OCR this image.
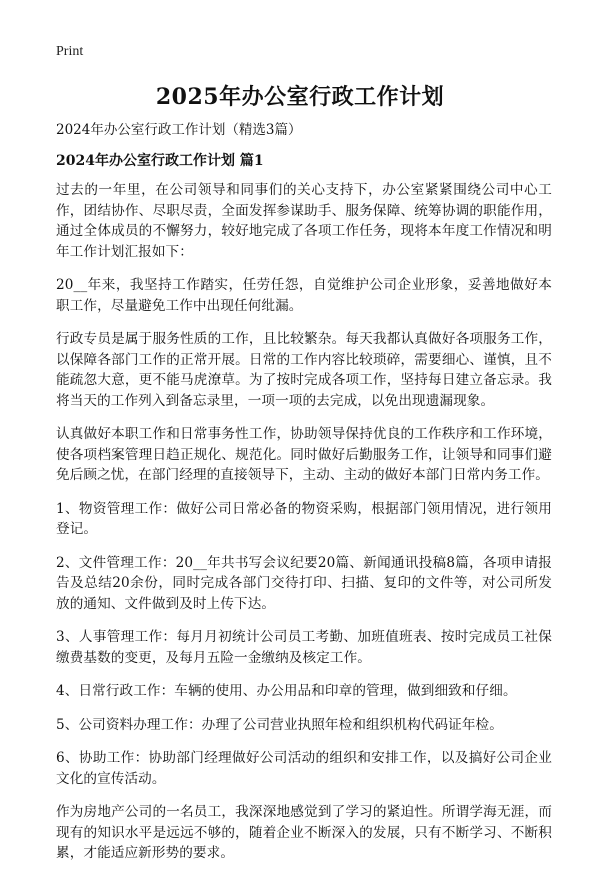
Print
2025年办公室行政工作计划

2024年办公室行政工作计划（精选3篇）

2024年办公室行政工作计划 篇1

过去的一年里，在公司领导和同事们的关心支持下，办公室紧紧围绕公司中心工作，团结协作、尽职尽责，全面发挥参谋助手、服务保障、统筹协调的职能作用，通过全体成员的不懈努力，较好地完成了各项工作任务，现将本年度工作情况和明年工作计划汇报如下：

20__年来，我坚持工作踏实，任劳任怨，自觉维护公司企业形象，妥善地做好本职工作，尽量避免工作中出现任何纰漏。

行政专员是属于服务性质的工作，且比较繁杂。每天我都认真做好各项服务工作，以保障各部门工作的正常开展。日常的工作内容比较琐碎，需要细心、谨慎，且不能疏忽大意，更不能马虎潦草。为了按时完成各项工作，坚持每日建立备忘录。我将当天的工作列入到备忘录里，一项一项的去完成，以免出现遗漏现象。

认真做好本职工作和日常事务性工作，协助领导保持优良的工作秩序和工作环境，使各项档案管理日趋正规化、规范化。同时做好后勤服务工作，让领导和同事们避免后顾之忧，在部门经理的直接领导下，主动、主动的做好本部门日常内务工作。

1、物资管理工作：做好公司日常必备的物资采购，根据部门领用情况，进行领用登记。

2、文件管理工作：20__年共书写会议纪要20篇、新闻通讯投稿8篇，各项申请报告及总结20余份，同时完成各部门交待打印、扫描、复印的文件等，对公司所发放的通知、文件做到及时上传下达。

3、人事管理工作：每月月初统计公司员工考勤、加班值班表、按时完成员工社保缴费基数的变更，及每月五险一金缴纳及核定工作。

4、日常行政工作：车辆的使用、办公用品和印章的管理，做到细致和仔细。

5、公司资料办理工作：办理了公司营业执照年检和组织机构代码证年检。

6、协助工作：协助部门经理做好公司活动的组织和安排工作，以及搞好公司企业文化的宣传活动。

作为房地产公司的一名员工，我深深地感觉到了学习的紧迫性。所谓学海无涯，而现有的知识水平是远远不够的，随着企业不断深入的发展，只有不断学习、不断积累，才能适应新形势的要求。
